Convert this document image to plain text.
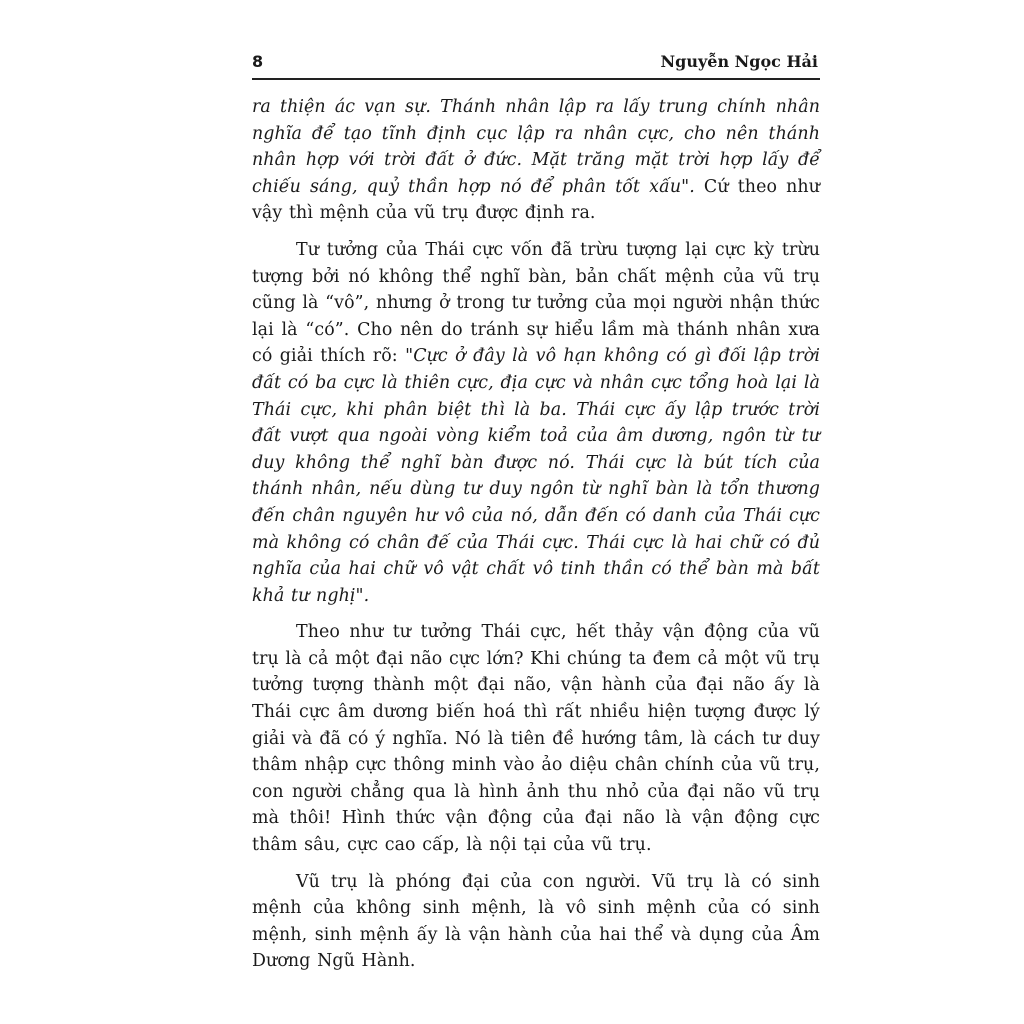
8	Nguyễn Ngọc Hải

ra thiện ác vạn sự. Thánh nhân lập ra lấy trung chính nhân nghĩa để tạo tĩnh định cục lập ra nhân cực, cho nên thánh nhân hợp với trời đất ở đức. Mặt trăng mặt trời hợp lấy để chiếu sáng, quỷ thần hợp nó để phân tốt xấu". Cứ theo như vậy thì mệnh của vũ trụ được định ra.

Tư tưởng của Thái cực vốn đã trừu tượng lại cực kỳ trừu tượng bởi nó không thể nghĩ bàn, bản chất mệnh của vũ trụ cũng là “vô”, nhưng ở trong tư tưởng của mọi người nhận thức lại là “có”. Cho nên do tránh sự hiểu lầm mà thánh nhân xưa có giải thích rõ: "Cực ở đây là vô hạn không có gì đối lập trời đất có ba cực là thiên cực, địa cực và nhân cực tổng hoà lại là Thái cực, khi phân biệt thì là ba. Thái cực ấy lập trước trời đất vượt qua ngoài vòng kiểm toả của âm dương, ngôn từ tư duy không thể nghĩ bàn được nó. Thái cực là bút tích của thánh nhân, nếu dùng tư duy ngôn từ nghĩ bàn là tổn thương đến chân nguyên hư vô của nó, dẫn đến có danh của Thái cực mà không có chân đế của Thái cực. Thái cực là hai chữ có đủ nghĩa của hai chữ vô vật chất vô tinh thần có thể bàn mà bất khả tư nghị".

Theo như tư tưởng Thái cực, hết thảy vận động của vũ trụ là cả một đại não cực lớn? Khi chúng ta đem cả một vũ trụ tưởng tượng thành một đại não, vận hành của đại não ấy là Thái cực âm dương biến hoá thì rất nhiều hiện tượng được lý giải và đã có ý nghĩa. Nó là tiên đề hướng tâm, là cách tư duy thâm nhập cực thông minh vào ảo diệu chân chính của vũ trụ, con người chẳng qua là hình ảnh thu nhỏ của đại não vũ trụ mà thôi! Hình thức vận động của đại não là vận động cực thâm sâu, cực cao cấp, là nội tại của vũ trụ.

Vũ trụ là phóng đại của con người. Vũ trụ là có sinh mệnh của không sinh mệnh, là vô sinh mệnh của có sinh mệnh, sinh mệnh ấy là vận hành của hai thể và dụng của Âm Dương Ngũ Hành.
